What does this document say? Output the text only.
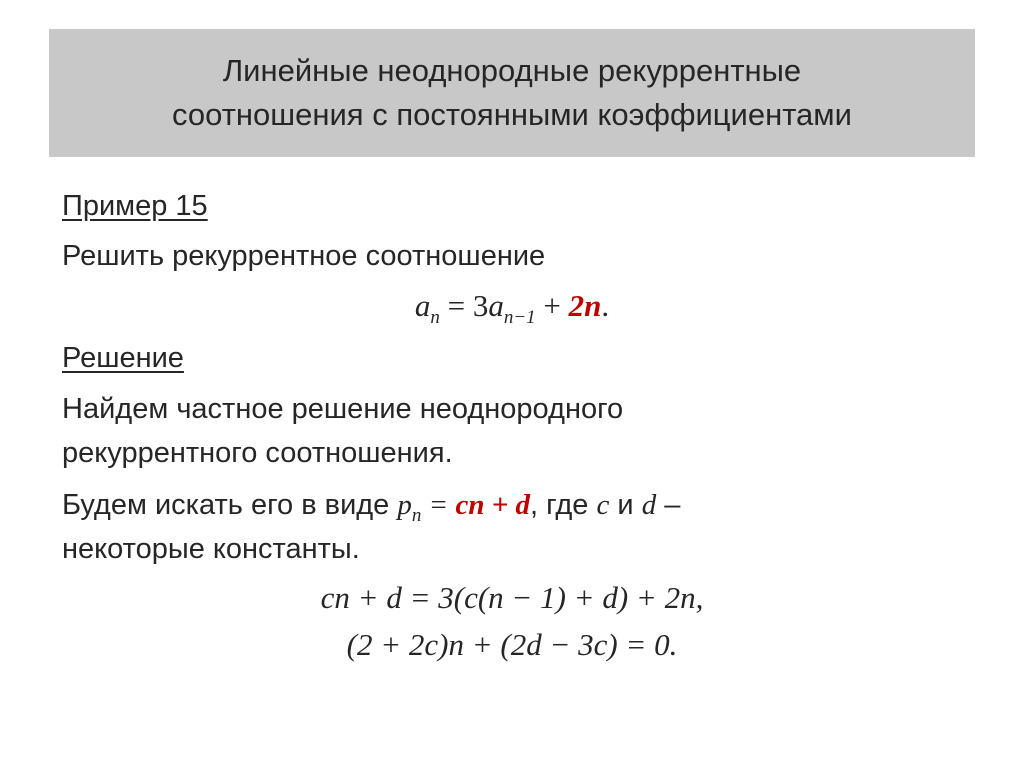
Линейные неоднородные рекуррентные
соотношения с постоянными коэффициентами
Пример 15
Решить рекуррентное соотношение
$a_n = 3a_{n-1} + 2n$.
Решение
Найдем частное решение неоднородного
рекуррентного соотношения.
Будем искать его в виде $p_n$ = cn + d, где c и d –
некоторые константы.
cn + d = 3(c(n − 1) + d) + 2n,
(2 + 2c)n + (2d − 3c) = 0.
